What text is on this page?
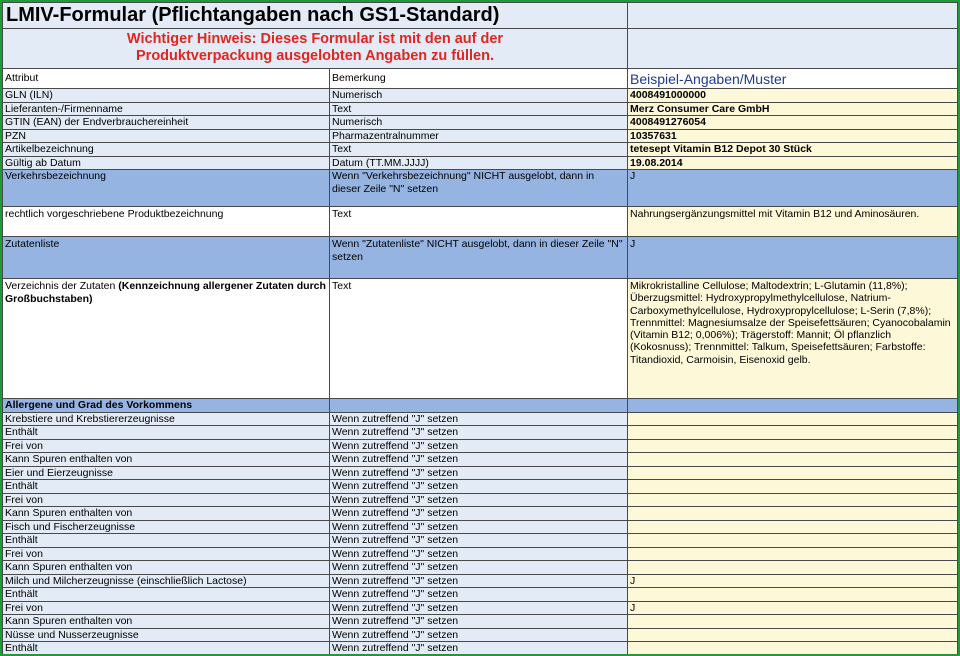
LMIV-Formular (Pflichtangaben nach GS1-Standard)		

Wichtiger Hinweis: Dieses Formular ist mit den auf der
Produktverpackung ausgelobten Angaben zu füllen.		

Attribut	Bemerkung	Beispiel-Angaben/Muster
GLN (ILN)	Numerisch	4008491000000
Lieferanten-/Firmenname	Text	Merz Consumer Care GmbH
GTIN (EAN) der Endverbrauchereinheit	Numerisch	4008491276054
PZN	Pharmazentralnummer	10357631
Artikelbezeichnung	Text	tetesept Vitamin B12 Depot 30 Stück
Gültig ab Datum	Datum (TT.MM.JJJJ)	19.08.2014
Verkehrsbezeichnung	Wenn "Verkehrsbezeichnung" NICHT ausgelobt, dann in dieser Zeile "N" setzen	J
rechtlich vorgeschriebene Produktbezeichnung	Text	Nahrungsergänzungsmittel mit Vitamin B12 und Aminosäuren.
Zutatenliste	Wenn "Zutatenliste" NICHT ausgelobt, dann in dieser Zeile "N" setzen	J
Verzeichnis der Zutaten (Kennzeichnung allergener Zutaten durch Großbuchstaben)	Text	Mikrokristalline Cellulose; Maltodextrin; L-Glutamin (11,8%); Überzugsmittel: Hydroxypropylmethylcellulose, Natrium-Carboxymethylcellulose, Hydroxypropylcellulose; L-Serin (7,8%); Trennmittel: Magnesiumsalze der Speisefettsäuren; Cyanocobalamin (Vitamin B12; 0,006%); Trägerstoff: Mannit; Öl pflanzlich (Kokosnuss); Trennmittel: Talkum, Speisefettsäuren; Farbstoffe: Titandioxid, Carmoisin, Eisenoxid gelb.
Allergene und Grad des Vorkommens		
Krebstiere und Krebstiererzeugnisse	Wenn zutreffend "J" setzen	
Enthält	Wenn zutreffend "J" setzen	
Frei von	Wenn zutreffend "J" setzen	
Kann Spuren enthalten von	Wenn zutreffend "J" setzen	
Eier und Eierzeugnisse	Wenn zutreffend "J" setzen	
Enthält	Wenn zutreffend "J" setzen	
Frei von	Wenn zutreffend "J" setzen	
Kann Spuren enthalten von	Wenn zutreffend "J" setzen	
Fisch und Fischerzeugnisse	Wenn zutreffend "J" setzen	
Enthält	Wenn zutreffend "J" setzen	
Frei von	Wenn zutreffend "J" setzen	
Kann Spuren enthalten von	Wenn zutreffend "J" setzen	
Milch und Milcherzeugnisse (einschließlich Lactose)	Wenn zutreffend "J" setzen	J
Enthält	Wenn zutreffend "J" setzen	
Frei von	Wenn zutreffend "J" setzen	J
Kann Spuren enthalten von	Wenn zutreffend "J" setzen	
Nüsse und Nusserzeugnisse	Wenn zutreffend "J" setzen	
Enthält	Wenn zutreffend "J" setzen	
